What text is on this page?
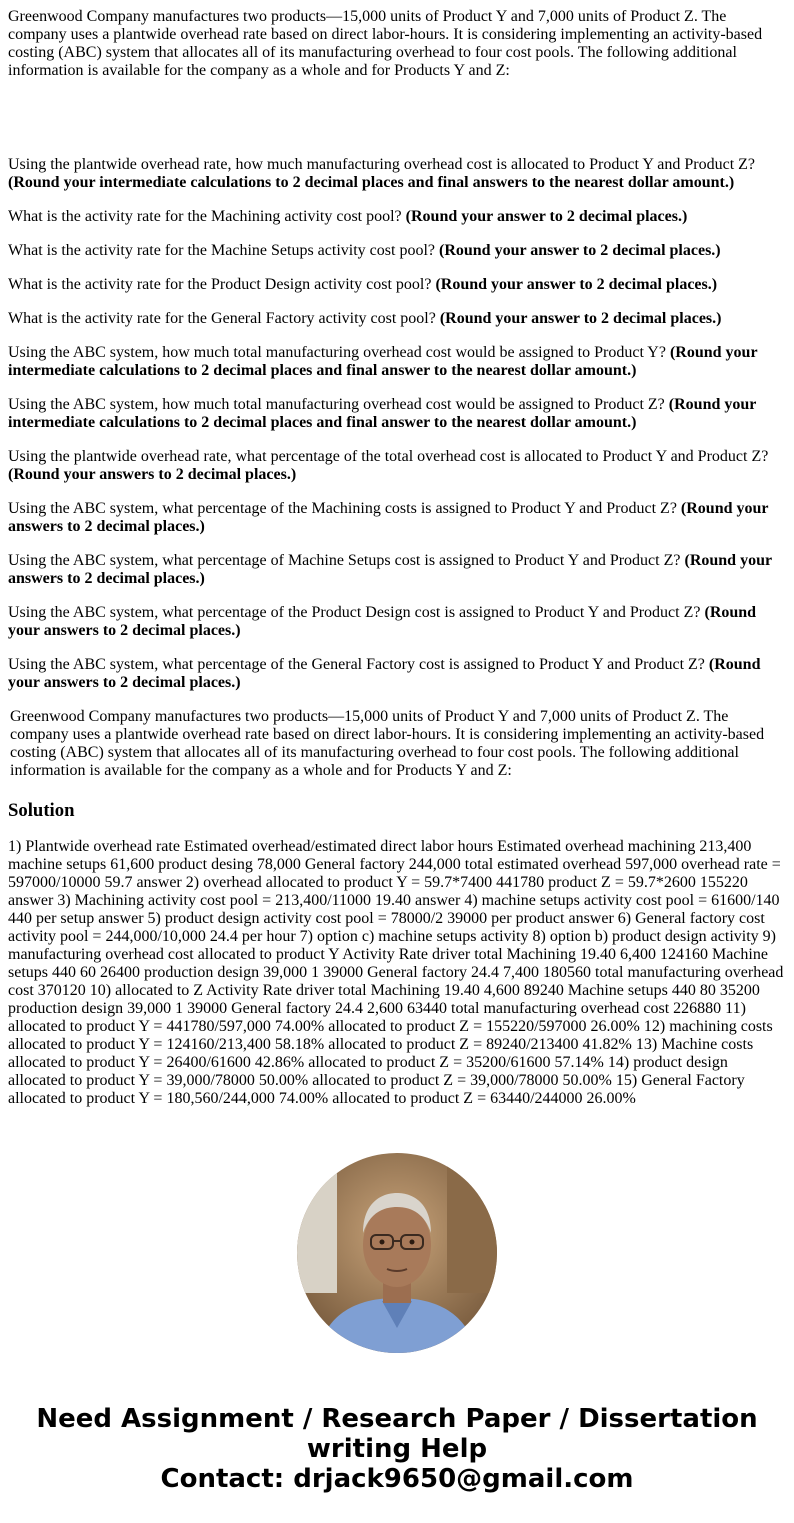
Greenwood Company manufactures two products—15,000 units of Product Y and 7,000 units of Product Z. The company uses a plantwide overhead rate based on direct labor-hours. It is considering implementing an activity-based costing (ABC) system that allocates all of its manufacturing overhead to four cost pools. The following additional information is available for the company as a whole and for Products Y and Z:

Using the plantwide overhead rate, how much manufacturing overhead cost is allocated to Product Y and Product Z? (Round your intermediate calculations to 2 decimal places and final answers to the nearest dollar amount.)

What is the activity rate for the Machining activity cost pool? (Round your answer to 2 decimal places.)

What is the activity rate for the Machine Setups activity cost pool? (Round your answer to 2 decimal places.)

What is the activity rate for the Product Design activity cost pool? (Round your answer to 2 decimal places.)

What is the activity rate for the General Factory activity cost pool? (Round your answer to 2 decimal places.)

Using the ABC system, how much total manufacturing overhead cost would be assigned to Product Y? (Round your intermediate calculations to 2 decimal places and final answer to the nearest dollar amount.)

Using the ABC system, how much total manufacturing overhead cost would be assigned to Product Z? (Round your intermediate calculations to 2 decimal places and final answer to the nearest dollar amount.)

Using the plantwide overhead rate, what percentage of the total overhead cost is allocated to Product Y and Product Z? (Round your answers to 2 decimal places.)

Using the ABC system, what percentage of the Machining costs is assigned to Product Y and Product Z? (Round your answers to 2 decimal places.)

Using the ABC system, what percentage of Machine Setups cost is assigned to Product Y and Product Z? (Round your answers to 2 decimal places.)

Using the ABC system, what percentage of the Product Design cost is assigned to Product Y and Product Z? (Round your answers to 2 decimal places.)

Using the ABC system, what percentage of the General Factory cost is assigned to Product Y and Product Z? (Round your answers to 2 decimal places.)

Greenwood Company manufactures two products—15,000 units of Product Y and 7,000 units of Product Z. The company uses a plantwide overhead rate based on direct labor-hours. It is considering implementing an activity-based costing (ABC) system that allocates all of its manufacturing overhead to four cost pools. The following additional information is available for the company as a whole and for Products Y and Z:

Solution

1) Plantwide overhead rate Estimated overhead/estimated direct labor hours Estimated overhead machining 213,400 machine setups 61,600 product desing 78,000 General factory 244,000 total estimated overhead 597,000 overhead rate = 597000/10000 59.7 answer 2) overhead allocated to product Y = 59.7*7400 441780 product Z = 59.7*2600 155220 answer 3) Machining activity cost pool = 213,400/11000 19.40 answer 4) machine setups activity cost pool = 61600/140 440 per setup answer 5) product design activity cost pool = 78000/2 39000 per product answer 6) General factory cost activity pool = 244,000/10,000 24.4 per hour 7) option c) machine setups activity 8) option b) product design activity 9) manufacturing overhead cost allocated to product Y Activity Rate driver total Machining 19.40 6,400 124160 Machine setups 440 60 26400 production design 39,000 1 39000 General factory 24.4 7,400 180560 total manufacturing overhead cost 370120 10) allocated to Z Activity Rate driver total Machining 19.40 4,600 89240 Machine setups 440 80 35200 production design 39,000 1 39000 General factory 24.4 2,600 63440 total manufacturing overhead cost 226880 11) allocated to product Y = 441780/597,000 74.00% allocated to product Z = 155220/597000 26.00% 12) machining costs allocated to product Y = 124160/213,400 58.18% allocated to product Z = 89240/213400 41.82% 13) Machine costs allocated to product Y = 26400/61600 42.86% allocated to product Z = 35200/61600 57.14% 14) product design allocated to product Y = 39,000/78000 50.00% allocated to product Z = 39,000/78000 50.00% 15) General Factory allocated to product Y = 180,560/244,000 74.00% allocated to product Z = 63440/244000 26.00%

Need Assignment / Research Paper / Dissertation
writing Help
Contact: drjack9650@gmail.com
